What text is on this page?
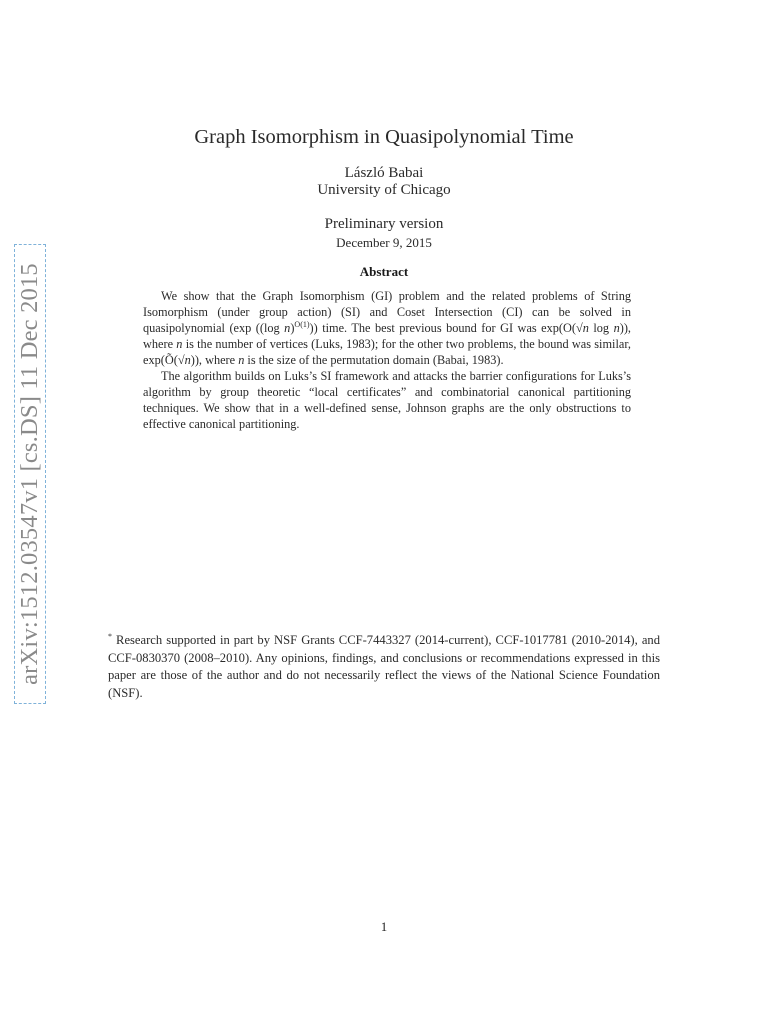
arXiv:1512.03547v1 [cs.DS] 11 Dec 2015
Graph Isomorphism in Quasipolynomial Time
László Babai
University of Chicago
Preliminary version
December 9, 2015
Abstract

We show that the Graph Isomorphism (GI) problem and the related problems of String Isomorphism (under group action) (SI) and Coset Intersection (CI) can be solved in quasipolynomial (exp ((log n)$^{O(1)}$)) time. The best previous bound for GI was exp(O(√n log n)), where n is the number of vertices (Luks, 1983); for the other two problems, the bound was similar, exp(Õ(√n)), where n is the size of the permutation domain (Babai, 1983).

The algorithm builds on Luks’s SI framework and attacks the barrier configurations for Luks’s algorithm by group theoretic “local certificates” and combinatorial canonical partitioning techniques. We show that in a well-defined sense, Johnson graphs are the only obstructions to effective canonical partitioning.

* Research supported in part by NSF Grants CCF-7443327 (2014-current), CCF-1017781 (2010-2014), and CCF-0830370 (2008–2010). Any opinions, findings, and conclusions or recommendations expressed in this paper are those of the author and do not necessarily reflect the views of the National Science Foundation (NSF).
1
